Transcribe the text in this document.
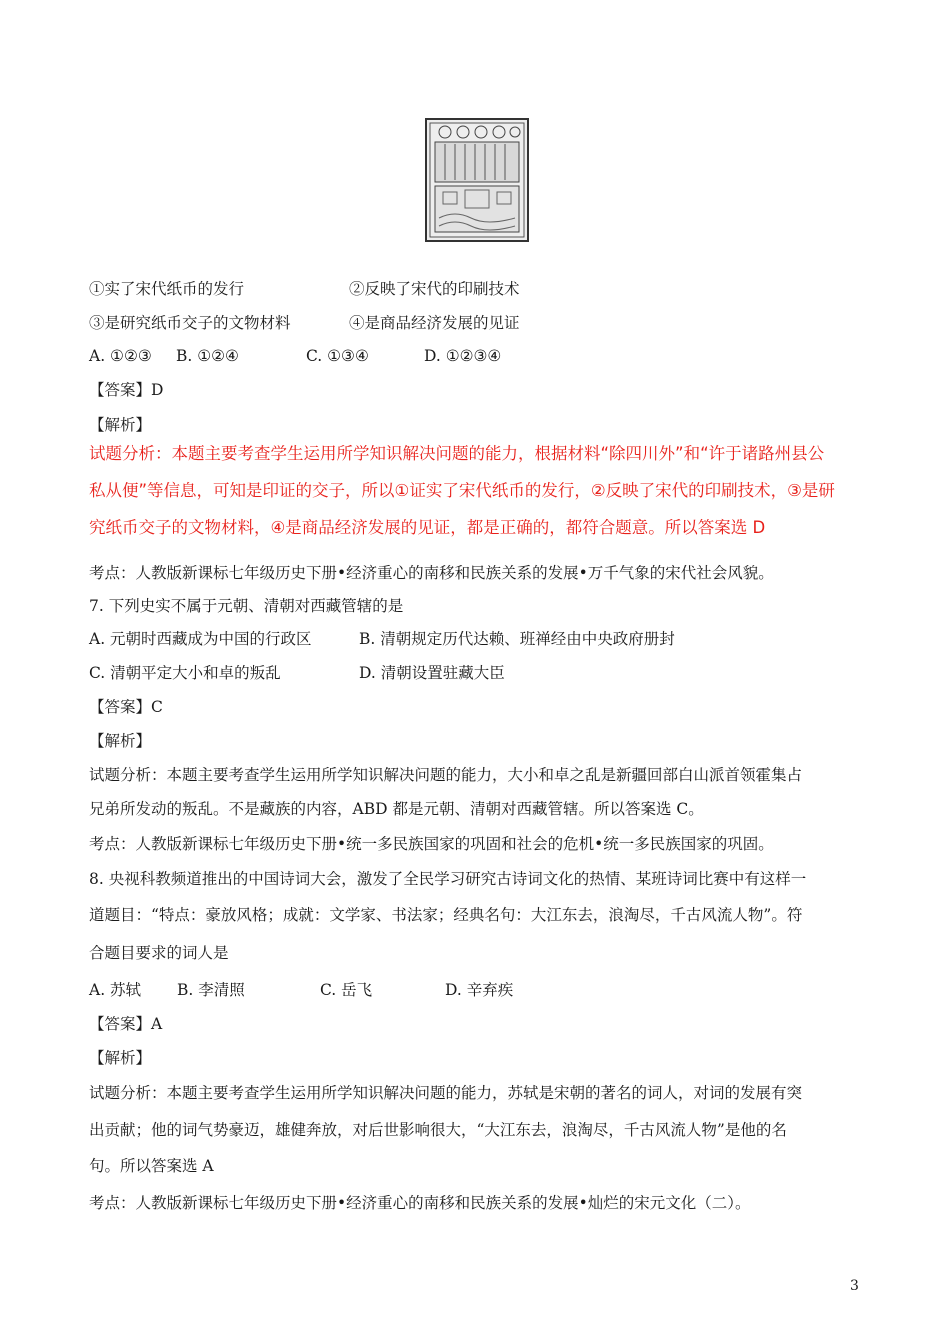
①实了宋代纸币的发行	②反映了宋代的印刷技术
③是研究纸币交子的文物材料	④是商品经济发展的见证
A. ①②③ B. ①②④	C. ①③④	D. ①②③④
【答案】D
【解析】
试题分析：本题主要考查学生运用所学知识解决问题的能力，根据材料“除四川外”和“许于诸路州县公
私从便”等信息，可知是印证的交子，所以①证实了宋代纸币的发行，②反映了宋代的印刷技术，③是研
究纸币交子的文物材料，④是商品经济发展的见证，都是正确的，都符合题意。所以答案选 D
考点：人教版新课标七年级历史下册•经济重心的南移和民族关系的发展•万千气象的宋代社会风貌。
7. 下列史实不属于元朝、清朝对西藏管辖的是
A. 元朝时西藏成为中国的行政区	B. 清朝规定历代达赖、班禅经由中央政府册封
C. 清朝平定大小和卓的叛乱	D. 清朝设置驻藏大臣
【答案】C
【解析】
试题分析：本题主要考查学生运用所学知识解决问题的能力，大小和卓之乱是新疆回部白山派首领霍集占
兄弟所发动的叛乱。不是藏族的内容，ABD 都是元朝、清朝对西藏管辖。所以答案选 C。
考点：人教版新课标七年级历史下册•统一多民族国家的巩固和社会的危机•统一多民族国家的巩固。
8. 央视科教频道推出的中国诗词大会，激发了全民学习研究古诗词文化的热情、某班诗词比赛中有这样一
道题目：“特点：豪放风格；成就：文学家、书法家；经典名句：大江东去，浪淘尽，千古风流人物”。符
合题目要求的词人是
A. 苏轼 B. 李清照	C. 岳飞	D. 辛弃疾
【答案】A
【解析】
试题分析：本题主要考查学生运用所学知识解决问题的能力，苏轼是宋朝的著名的词人，对词的发展有突
出贡献；他的词气势豪迈，雄健奔放，对后世影响很大，“大江东去，浪淘尽，千古风流人物”是他的名
句。所以答案选 A
考点：人教版新课标七年级历史下册•经济重心的南移和民族关系的发展•灿烂的宋元文化（二）。
3
